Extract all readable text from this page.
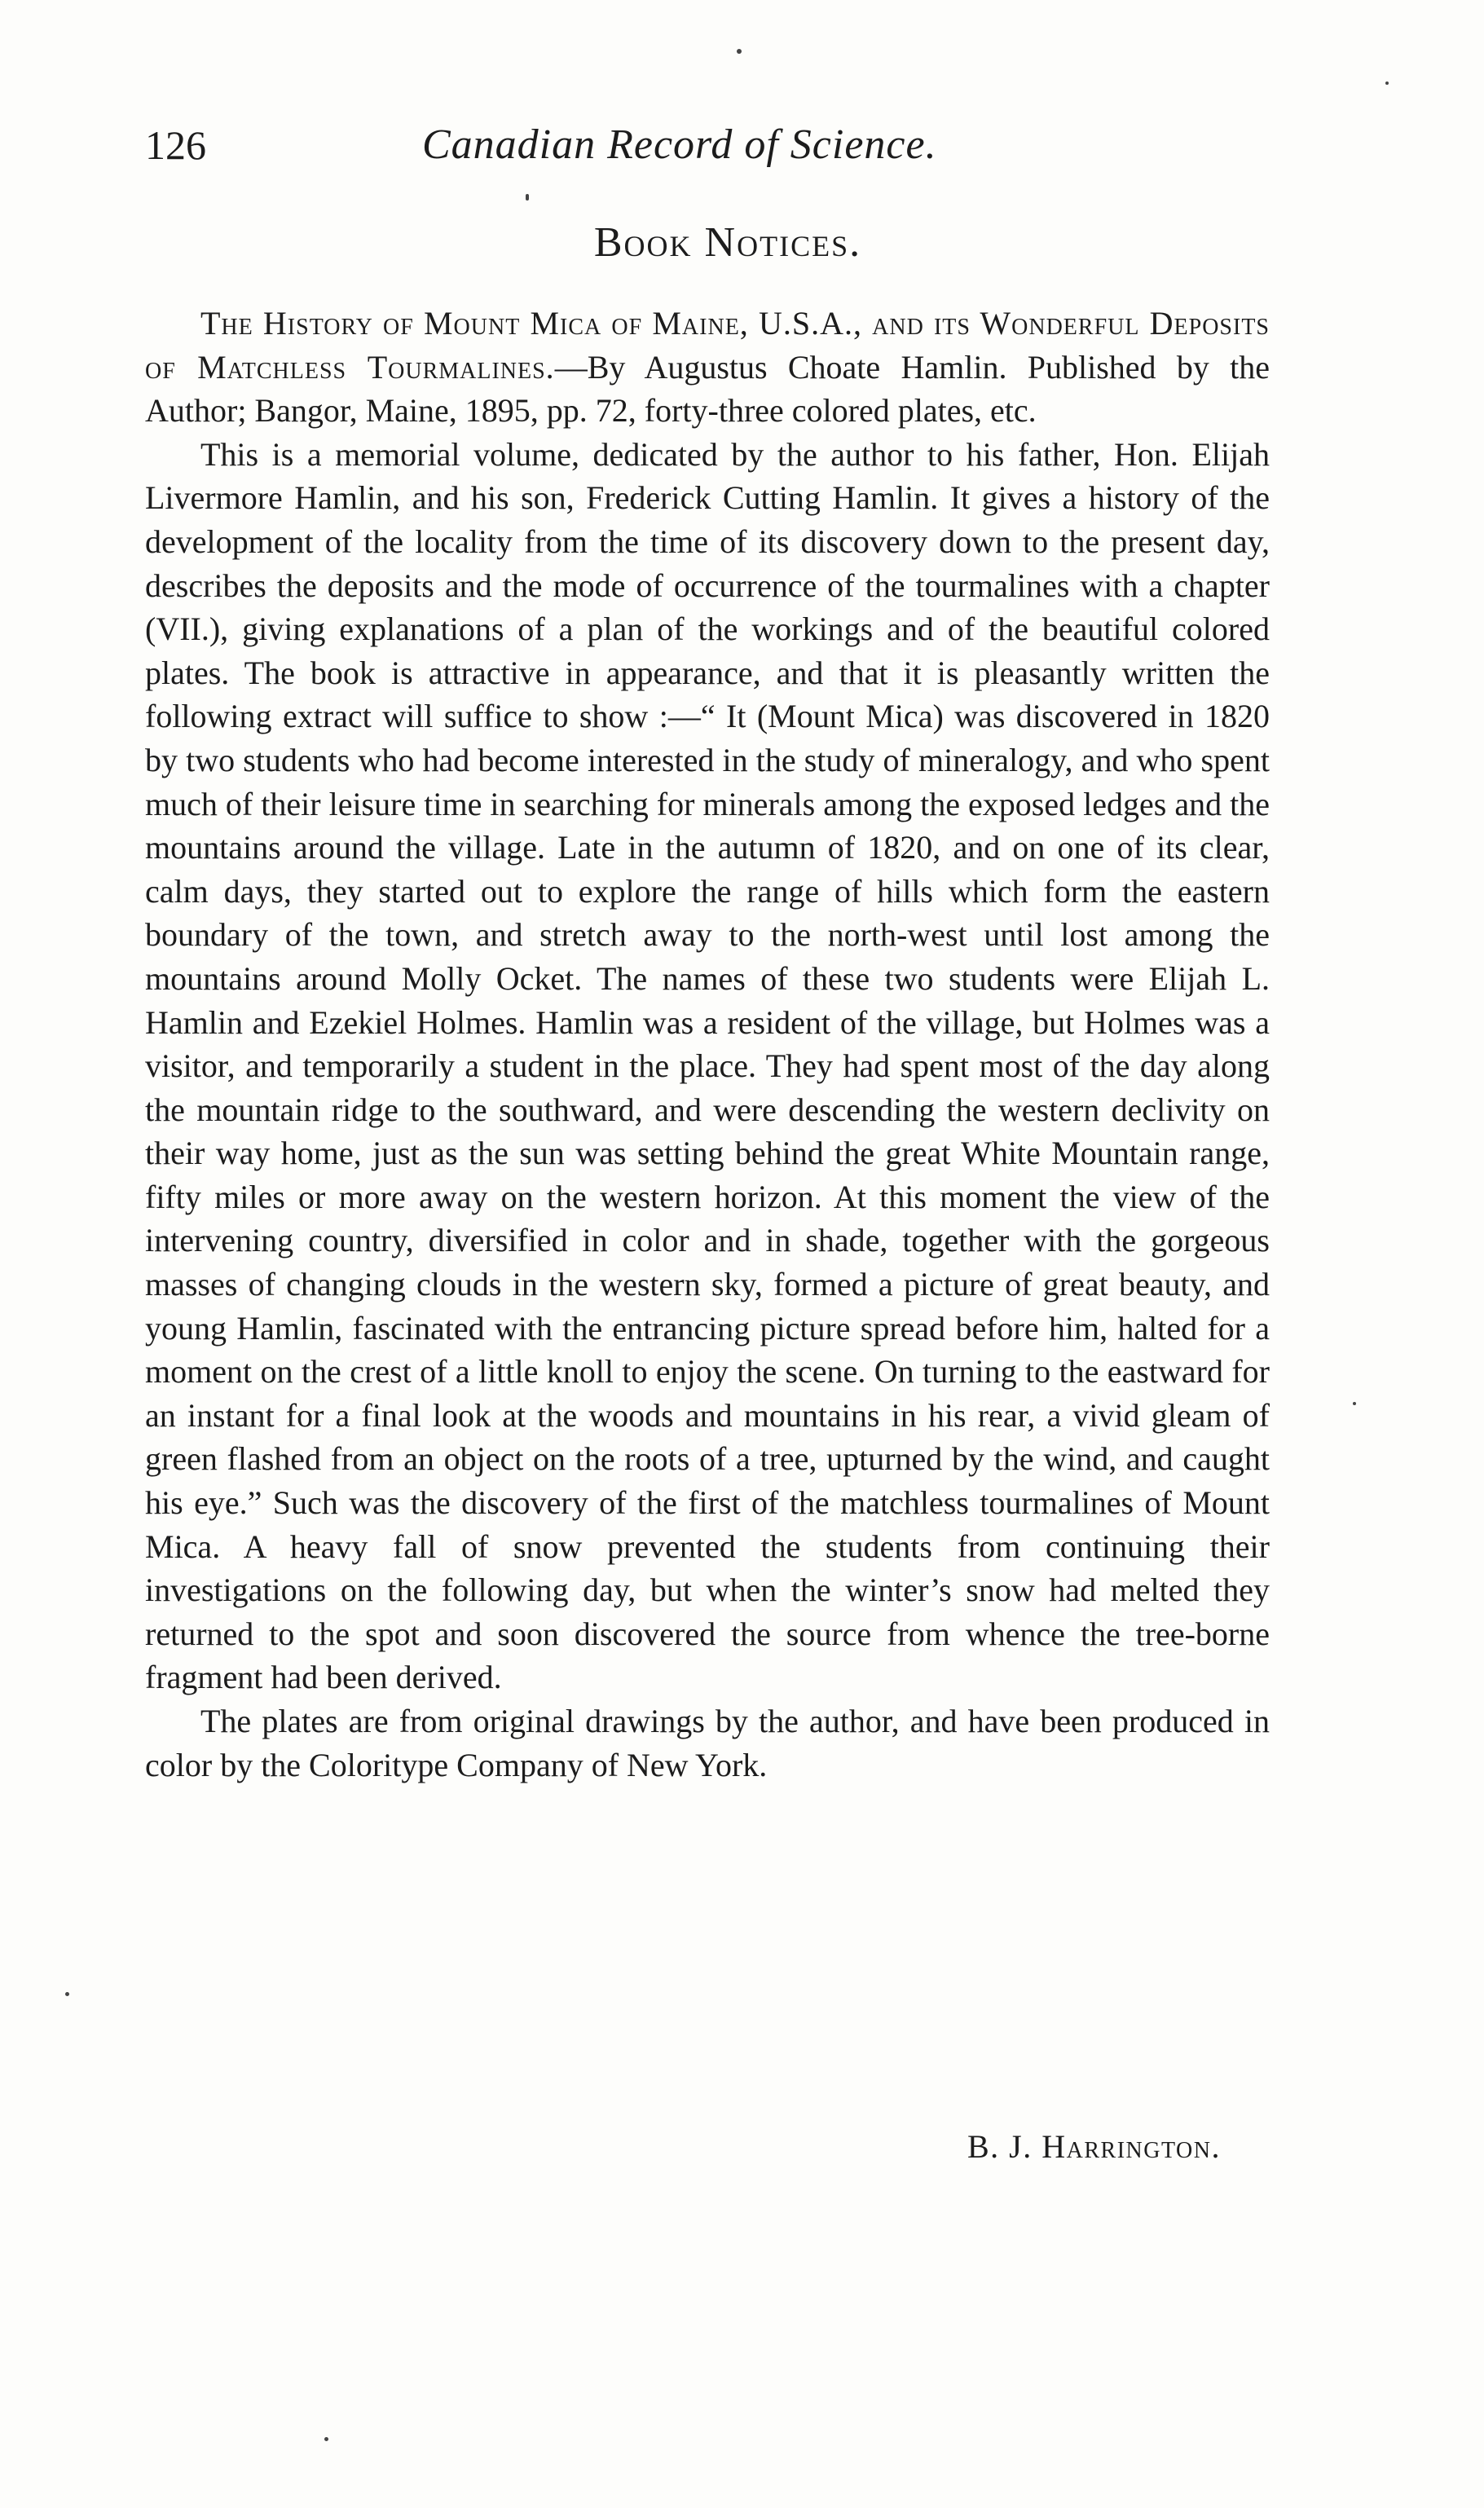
126	Canadian Record of Science.
Book Notices.

The History of Mount Mica of Maine, U.S.A., and its Wonderful Deposits of Matchless Tourmalines.—By Augustus Choate Hamlin. Published by the Author; Bangor, Maine, 1895, pp. 72, forty-three colored plates, etc.

This is a memorial volume, dedicated by the author to his father, Hon. Elijah Livermore Hamlin, and his son, Frederick Cutting Hamlin. It gives a history of the development of the locality from the time of its discovery down to the present day, describes the deposits and the mode of occurrence of the tourmalines with a chapter (VII.), giving explanations of a plan of the workings and of the beautiful colored plates. The book is attractive in appearance, and that it is pleasantly written the following extract will suffice to show :—“ It (Mount Mica) was discovered in 1820 by two students who had become interested in the study of mineralogy, and who spent much of their leisure time in searching for minerals among the exposed ledges and the mountains around the village. Late in the autumn of 1820, and on one of its clear, calm days, they started out to explore the range of hills which form the eastern boundary of the town, and stretch away to the north-west until lost among the mountains around Molly Ocket. The names of these two students were Elijah L. Hamlin and Ezekiel Holmes. Hamlin was a resident of the village, but Holmes was a visitor, and temporarily a student in the place. They had spent most of the day along the mountain ridge to the southward, and were descending the western declivity on their way home, just as the sun was setting behind the great White Mountain range, fifty miles or more away on the western horizon. At this moment the view of the intervening country, diversified in color and in shade, together with the gorgeous masses of changing clouds in the western sky, formed a picture of great beauty, and young Hamlin, fascinated with the entrancing picture spread before him, halted for a moment on the crest of a little knoll to enjoy the scene. On turning to the eastward for an instant for a final look at the woods and mountains in his rear, a vivid gleam of green flashed from an object on the roots of a tree, upturned by the wind, and caught his eye.” Such was the discovery of the first of the matchless tourmalines of Mount Mica. A heavy fall of snow prevented the students from continuing their investigations on the following day, but when the winter’s snow had melted they returned to the spot and soon discovered the source from whence the tree-borne fragment had been derived.

The plates are from original drawings by the author, and have been produced in color by the Coloritype Company of New York.

B. J. Harrington.
